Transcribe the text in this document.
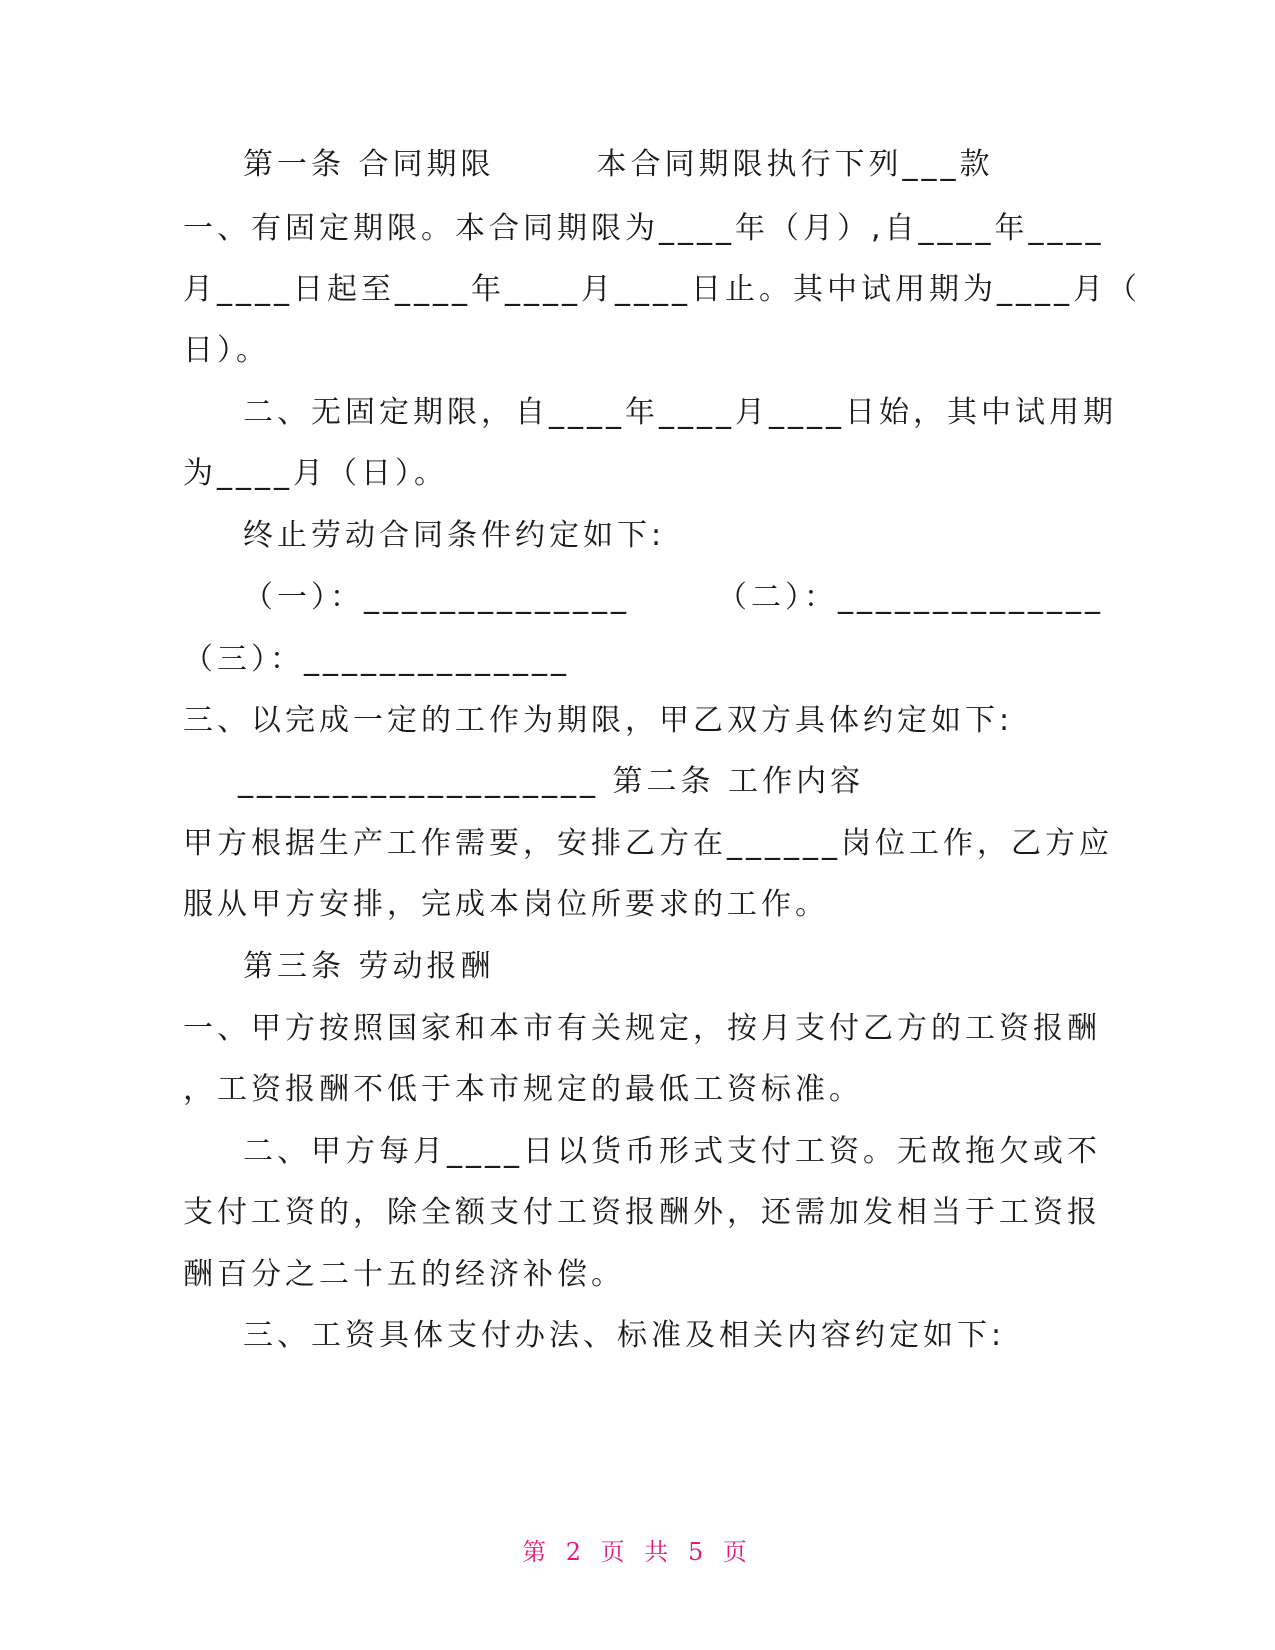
第一条 合同期限　　　本合同期限执行下列___款
一、有固定期限。本合同期限为____年（月）,自____年____
月____日起至____年____月____日止。其中试用期为____月（
日）。
二、无固定期限，自____年____月____日始，其中试用期
为____月（日）。
终止劳动合同条件约定如下:
（一）：______________　　　（二）：______________
（三）：______________
三、以完成一定的工作为期限，甲乙双方具体约定如下:
___________________ 第二条 工作内容
甲方根据生产工作需要，安排乙方在______岗位工作，乙方应
服从甲方安排，完成本岗位所要求的工作。
第三条 劳动报酬
一、甲方按照国家和本市有关规定，按月支付乙方的工资报酬
，工资报酬不低于本市规定的最低工资标准。
二、甲方每月____日以货币形式支付工资。无故拖欠或不
支付工资的，除全额支付工资报酬外，还需加发相当于工资报
酬百分之二十五的经济补偿。
三、工资具体支付办法、标准及相关内容约定如下:
第 2 页 共 5 页
